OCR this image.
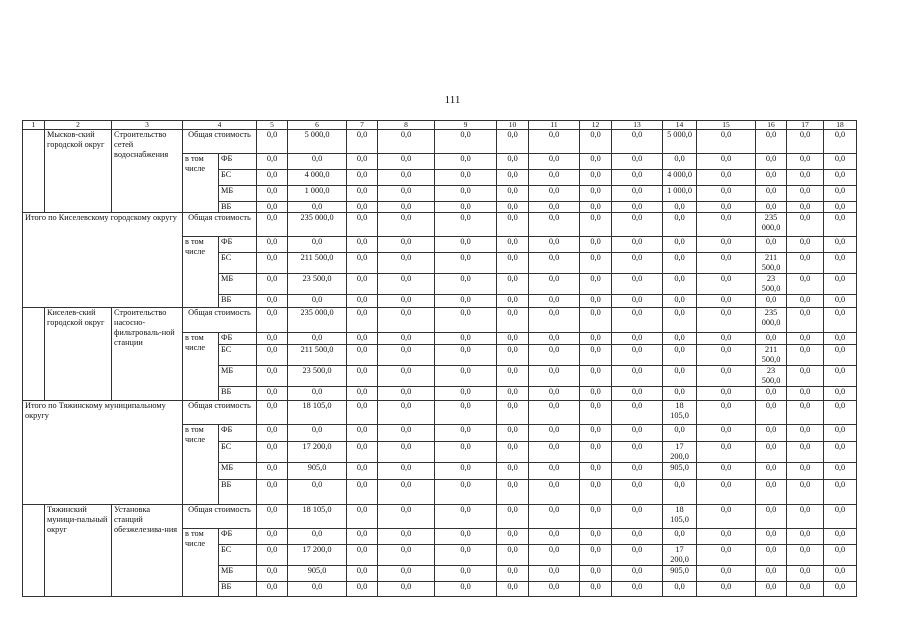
111
1	2	3	4		5	6	7	8	9	10	11	12	13	14	15	16	17	18
	Мысков-ский городской округ	Строительство сетей водоснабжения	Общая стоимость		0,0	5 000,0	0,0	0,0	0,0	0,0	0,0	0,0	0,0	5 000,0	0,0	0,0	0,0	0,0
			в том числе	ФБ	0,0	0,0	0,0	0,0	0,0	0,0	0,0	0,0	0,0	0,0	0,0	0,0	0,0	0,0
				БС	0,0	4 000,0	0,0	0,0	0,0	0,0	0,0	0,0	0,0	4 000,0	0,0	0,0	0,0	0,0
				МБ	0,0	1 000,0	0,0	0,0	0,0	0,0	0,0	0,0	0,0	1 000,0	0,0	0,0	0,0	0,0
				ВБ	0,0	0,0	0,0	0,0	0,0	0,0	0,0	0,0	0,0	0,0	0,0	0,0	0,0	0,0
Итого по Киселевскому городскому округу			Общая стоимость		0,0	235 000,0	0,0	0,0	0,0	0,0	0,0	0,0	0,0	0,0	0,0	235 000,0	0,0	0,0
			в том числе	ФБ	0,0	0,0	0,0	0,0	0,0	0,0	0,0	0,0	0,0	0,0	0,0	0,0	0,0	0,0
				БС	0,0	211 500,0	0,0	0,0	0,0	0,0	0,0	0,0	0,0	0,0	0,0	211 500,0	0,0	0,0
				МБ	0,0	23 500,0	0,0	0,0	0,0	0,0	0,0	0,0	0,0	0,0	0,0	23 500,0	0,0	0,0
				ВБ	0,0	0,0	0,0	0,0	0,0	0,0	0,0	0,0	0,0	0,0	0,0	0,0	0,0	0,0
	Киселев-ский городской округ	Строительство насосно-фильтроваль-ной станции	Общая стоимость		0,0	235 000,0	0,0	0,0	0,0	0,0	0,0	0,0	0,0	0,0	0,0	235 000,0	0,0	0,0
			в том числе	ФБ	0,0	0,0	0,0	0,0	0,0	0,0	0,0	0,0	0,0	0,0	0,0	0,0	0,0	0,0
				БС	0,0	211 500,0	0,0	0,0	0,0	0,0	0,0	0,0	0,0	0,0	0,0	211 500,0	0,0	0,0
				МБ	0,0	23 500,0	0,0	0,0	0,0	0,0	0,0	0,0	0,0	0,0	0,0	23 500,0	0,0	0,0
				ВБ	0,0	0,0	0,0	0,0	0,0	0,0	0,0	0,0	0,0	0,0	0,0	0,0	0,0	0,0
Итого по Тяжинскому муниципальному округу			Общая стоимость		0,0	18 105,0	0,0	0,0	0,0	0,0	0,0	0,0	0,0	18 105,0	0,0	0,0	0,0	0,0
			в том числе	ФБ	0,0	0,0	0,0	0,0	0,0	0,0	0,0	0,0	0,0	0,0	0,0	0,0	0,0	0,0
				БС	0,0	17 200,0	0,0	0,0	0,0	0,0	0,0	0,0	0,0	17 200,0	0,0	0,0	0,0	0,0
				МБ	0,0	905,0	0,0	0,0	0,0	0,0	0,0	0,0	0,0	905,0	0,0	0,0	0,0	0,0
				ВБ	0,0	0,0	0,0	0,0	0,0	0,0	0,0	0,0	0,0	0,0	0,0	0,0	0,0	0,0
	Тяжинский муници-пальный округ	Установка станций обезжелезива-ния	Общая стоимость		0,0	18 105,0	0,0	0,0	0,0	0,0	0,0	0,0	0,0	18 105,0	0,0	0,0	0,0	0,0
			в том числе	ФБ	0,0	0,0	0,0	0,0	0,0	0,0	0,0	0,0	0,0	0,0	0,0	0,0	0,0	0,0
				БС	0,0	17 200,0	0,0	0,0	0,0	0,0	0,0	0,0	0,0	17 200,0	0,0	0,0	0,0	0,0
				МБ	0,0	905,0	0,0	0,0	0,0	0,0	0,0	0,0	0,0	905,0	0,0	0,0	0,0	0,0
				ВБ	0,0	0,0	0,0	0,0	0,0	0,0	0,0	0,0	0,0	0,0	0,0	0,0	0,0	0,0
